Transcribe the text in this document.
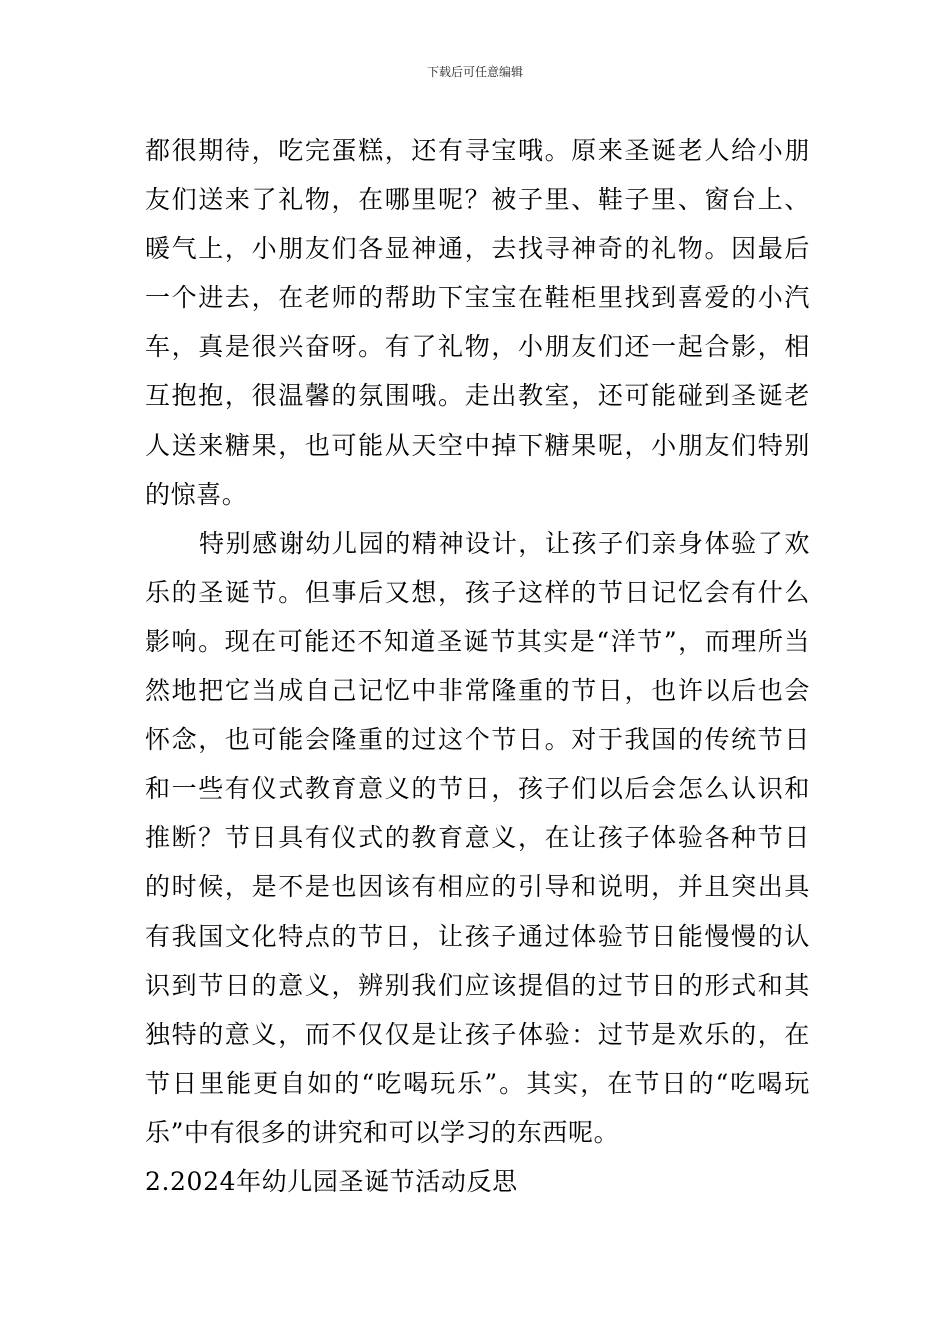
下载后可任意编辑

都很期待，吃完蛋糕，还有寻宝哦。原来圣诞老人给小朋友们送来了礼物，在哪里呢？被子里、鞋子里、窗台上、暖气上，小朋友们各显神通，去找寻神奇的礼物。因最后一个进去，在老师的帮助下宝宝在鞋柜里找到喜爱的小汽车，真是很兴奋呀。有了礼物，小朋友们还一起合影，相互抱抱，很温馨的氛围哦。走出教室，还可能碰到圣诞老人送来糖果，也可能从天空中掉下糖果呢，小朋友们特别的惊喜。

特别感谢幼儿园的精神设计，让孩子们亲身体验了欢乐的圣诞节。但事后又想，孩子这样的节日记忆会有什么影响。现在可能还不知道圣诞节其实是“洋节”，而理所当然地把它当成自己记忆中非常隆重的节日，也许以后也会怀念，也可能会隆重的过这个节日。对于我国的传统节日和一些有仪式教育意义的节日，孩子们以后会怎么认识和推断？节日具有仪式的教育意义，在让孩子体验各种节日的时候，是不是也因该有相应的引导和说明，并且突出具有我国文化特点的节日，让孩子通过体验节日能慢慢的认识到节日的意义，辨别我们应该提倡的过节日的形式和其独特的意义，而不仅仅是让孩子体验：过节是欢乐的，在节日里能更自如的“吃喝玩乐”。其实，在节日的“吃喝玩乐”中有很多的讲究和可以学习的东西呢。

2.2024年幼儿园圣诞节活动反思
